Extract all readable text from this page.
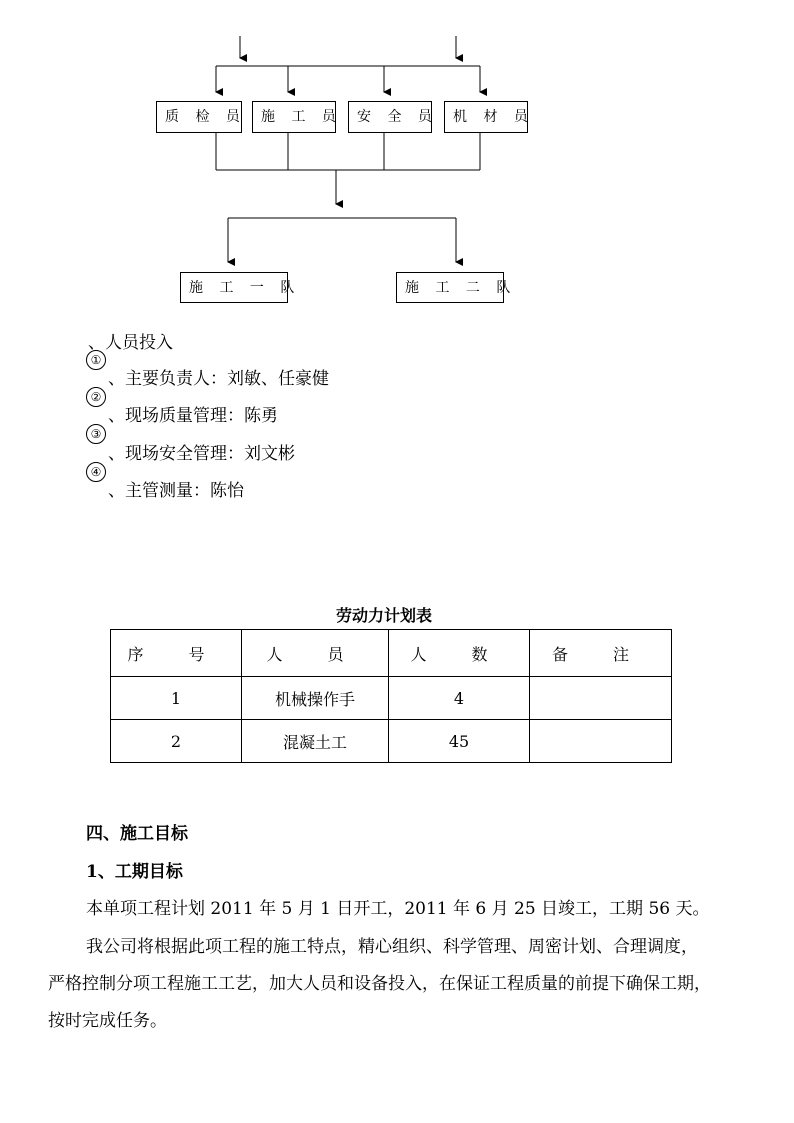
质 检 员	施 工 员	安 全 员	机 材 员
施 工 一 队	施 工 二 队
、人员投入
①
、主要负责人：刘敏、任豪健
②
、现场质量管理：陈勇
③
、现场安全管理：刘文彬
④
、主管测量：陈怡
劳动力计划表
序 号	人 员	人 数	备 注
1	机械操作手	4	
2	混凝土工	45	
四、施工目标
1、工期目标
本单项工程计划 2011 年 5 月 1 日开工，2011 年 6 月 25 日竣工，工期 56 天。
我公司将根据此项工程的施工特点，精心组织、科学管理、周密计划、合理调度，
严格控制分项工程施工工艺，加大人员和设备投入，在保证工程质量的前提下确保工期，
按时完成任务。
